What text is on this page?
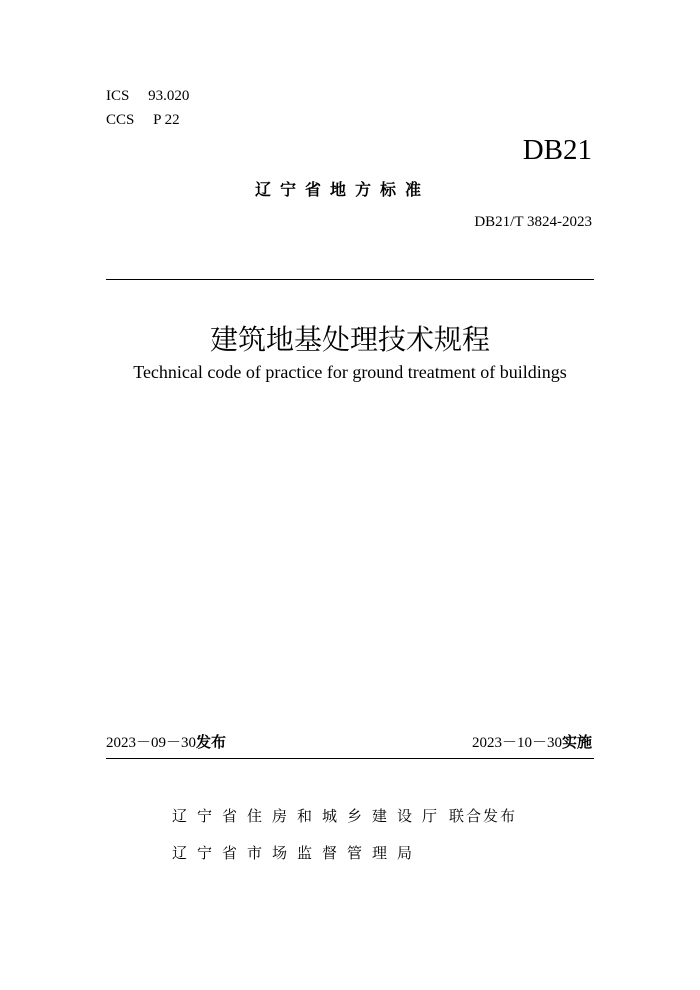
ICS  93.020
CCS  P 22
DB21
辽宁省地方标准
DB21/T 3824-2023
建筑地基处理技术规程
Technical code of practice for ground treatment of buildings
2023－09－30发布	2023－10－30实施
辽宁省住房和城乡建设厅 联合发布
辽宁省市场监督管理局
